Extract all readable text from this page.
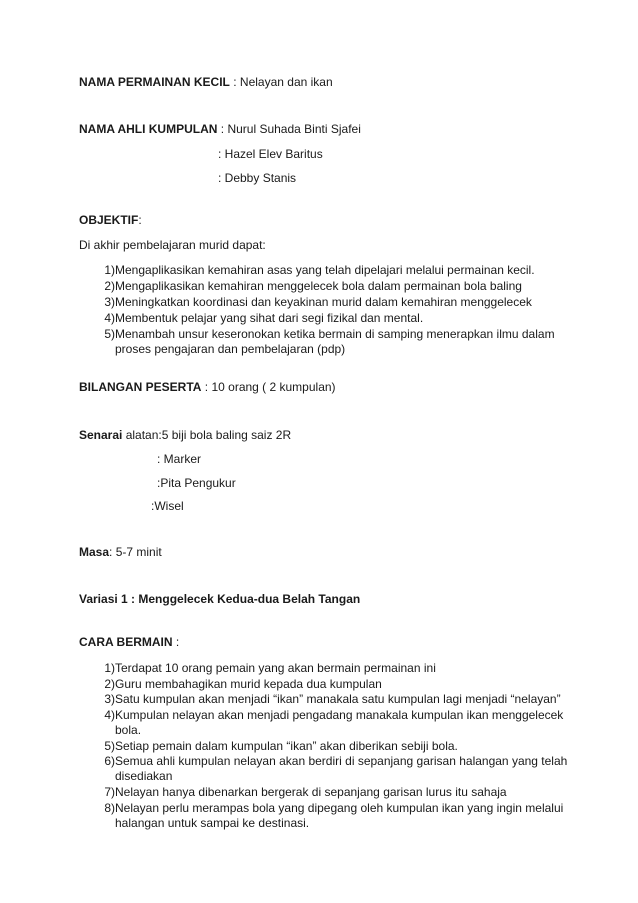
NAMA PERMAINAN KECIL : Nelayan dan ikan
NAMA AHLI KUMPULAN : Nurul Suhada Binti Sjafei
: Hazel Elev Baritus
: Debby Stanis
OBJEKTIF:
Di akhir pembelajaran murid dapat:
1) Mengaplikasikan kemahiran asas yang telah dipelajari melalui permainan kecil.
2) Mengaplikasikan kemahiran menggelecek bola dalam permainan bola baling
3) Meningkatkan koordinasi dan keyakinan murid dalam kemahiran menggelecek
4) Membentuk pelajar yang sihat dari segi fizikal dan mental.
5) Menambah unsur keseronokan ketika bermain di samping menerapkan ilmu dalam
proses pengajaran dan pembelajaran (pdp)
BILANGAN PESERTA : 10 orang ( 2 kumpulan)
Senarai alatan:5 biji bola baling saiz 2R
: Marker
:Pita Pengukur
:Wisel
Masa: 5-7 minit
Variasi 1 : Menggelecek Kedua-dua Belah Tangan
CARA BERMAIN :
1) Terdapat 10 orang pemain yang akan bermain permainan ini
2) Guru membahagikan murid kepada dua kumpulan
3) Satu kumpulan akan menjadi “ikan” manakala satu kumpulan lagi menjadi “nelayan”
4) Kumpulan nelayan akan menjadi pengadang manakala kumpulan ikan menggelecek
bola.
5) Setiap pemain dalam kumpulan “ikan” akan diberikan sebiji bola.
6) Semua ahli kumpulan nelayan akan berdiri di sepanjang garisan halangan yang telah
disediakan
7) Nelayan hanya dibenarkan bergerak di sepanjang garisan lurus itu sahaja
8) Nelayan perlu merampas bola yang dipegang oleh kumpulan ikan yang ingin melalui
halangan untuk sampai ke destinasi.
